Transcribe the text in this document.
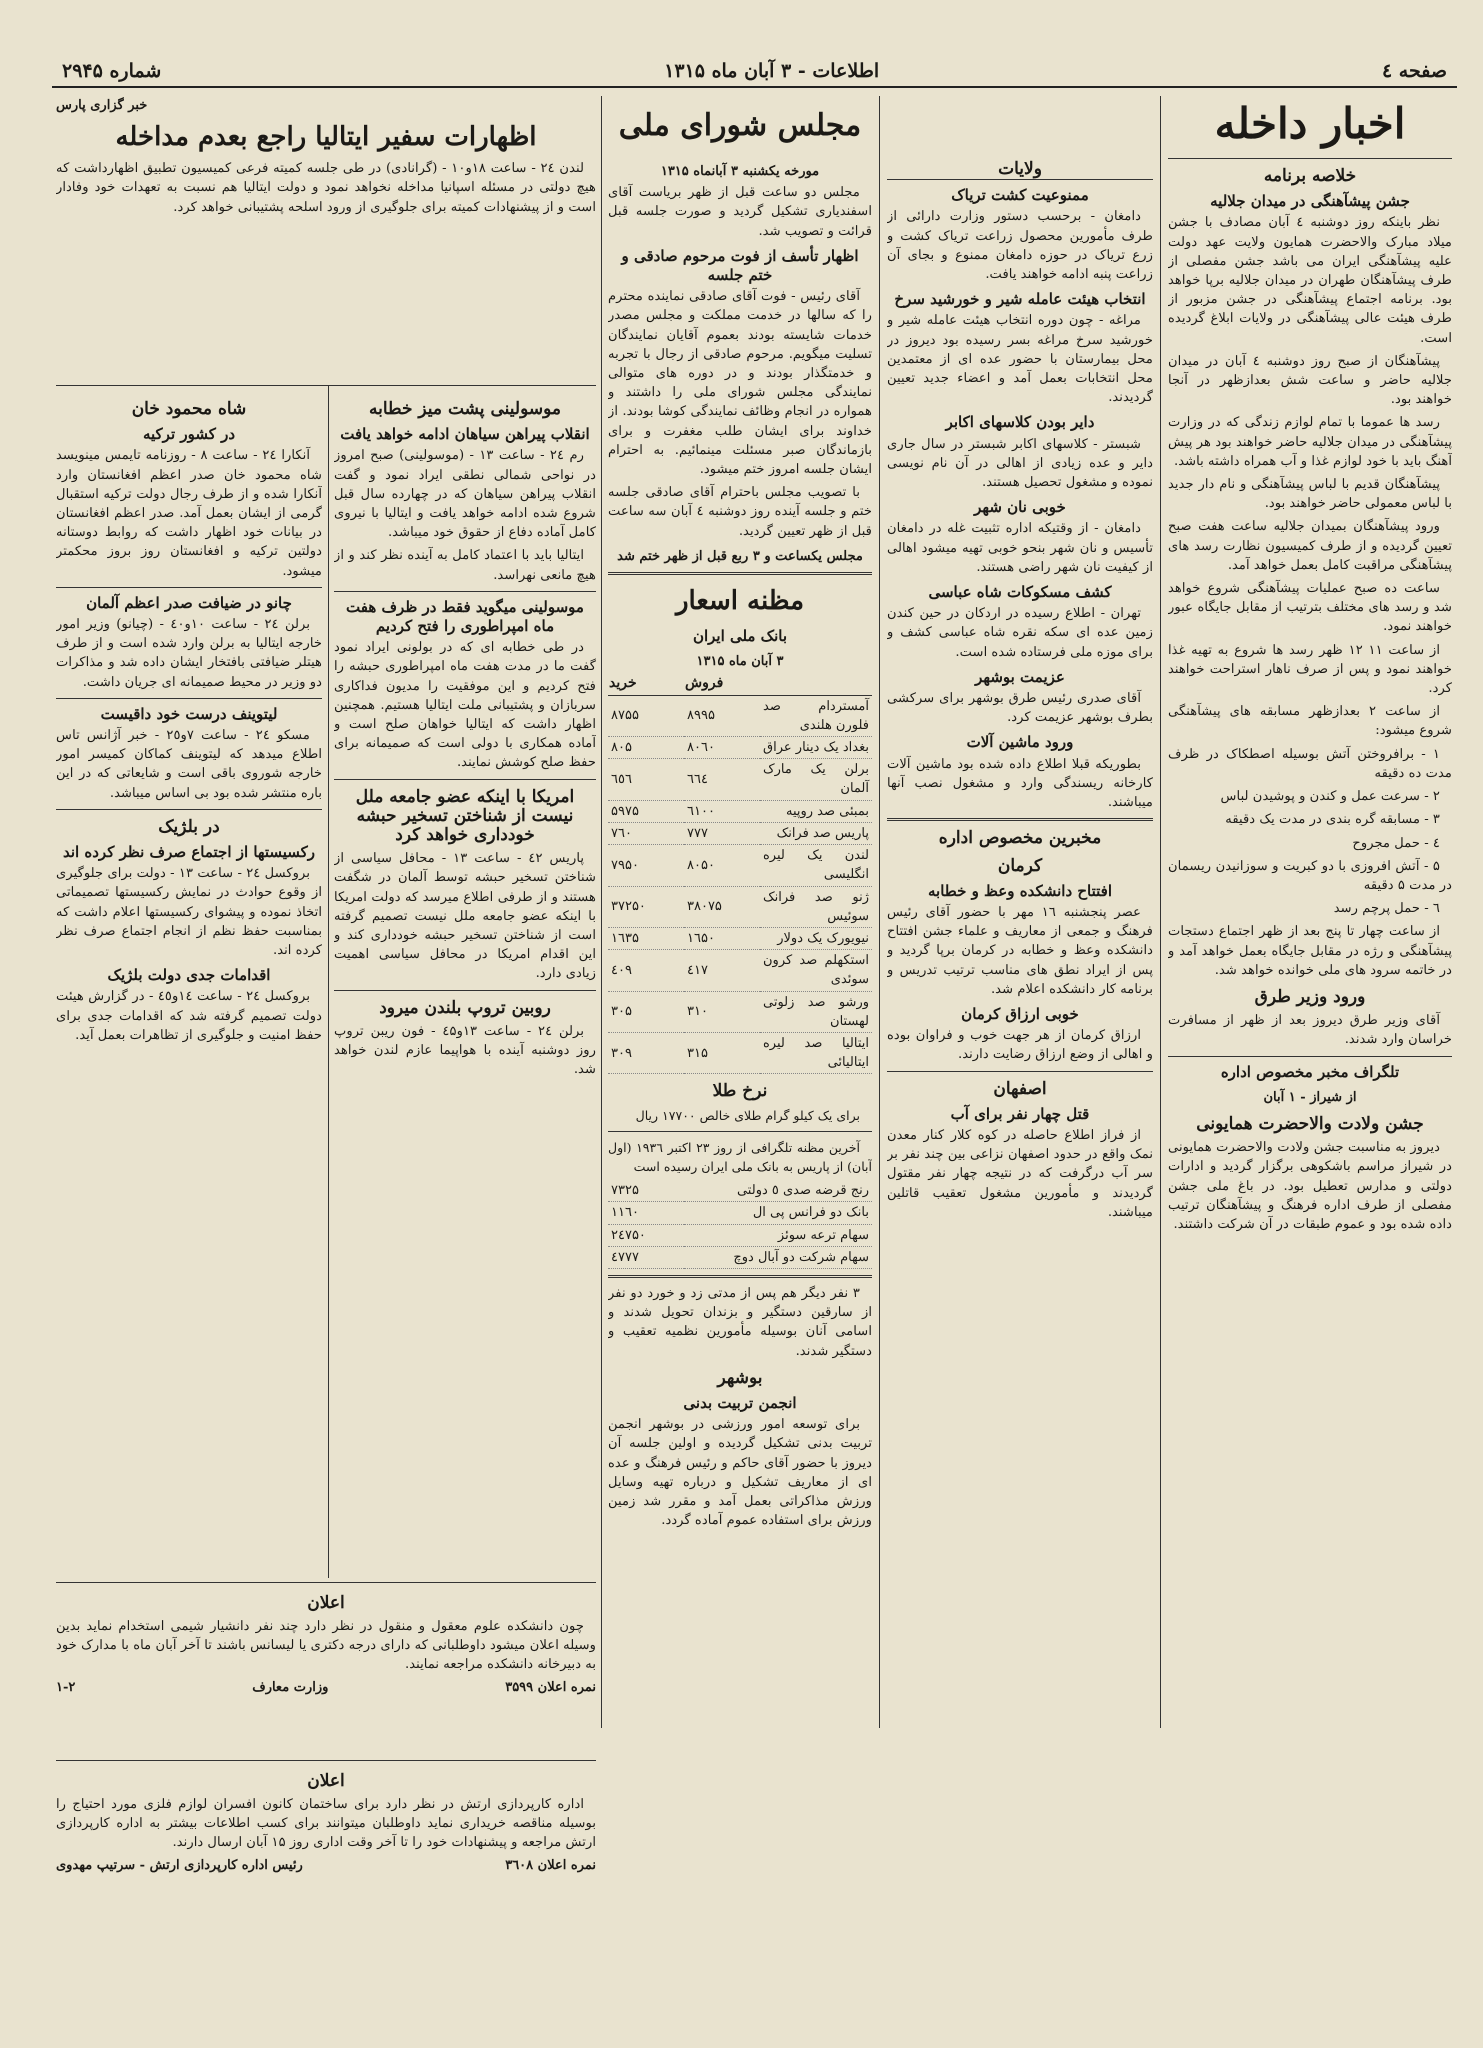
صفحه ٤
اطلاعات - ۳ آبان ماه ۱۳۱۵
شماره ۲۹۴۵
اخبار داخله
خلاصه برنامه
جشن پیشآهنگی در میدان جلالیه

نظر باینکه روز دوشنبه ٤ آبان مصادف با جشن میلاد مبارک والاحضرت همایون ولایت عهد دولت علیه پیشآهنگی ایران می باشد جشن مفصلی از طرف پیشآهنگان طهران در میدان جلالیه برپا خواهد بود. برنامه اجتماع پیشآهنگی در جشن مزبور از طرف هیئت عالی پیشآهنگی در ولایات ابلاغ گردیده است.

پیشآهنگان از صبح روز دوشنبه ٤ آبان در میدان جلالیه حاضر و ساعت شش بعدازظهر در آنجا خواهند بود.

رسد ها عموما با تمام لوازم زندگی که در وزارت پیشآهنگی در میدان جلالیه حاضر خواهند بود هر پیش آهنگ باید با خود لوازم غذا و آب همراه داشته باشد.

پیشآهنگان قدیم با لباس پیشآهنگی و نام دار جدید با لباس معمولی حاضر خواهند بود.

ورود پیشآهنگان بمیدان جلالیه ساعت هفت صبح تعیین گردیده و از طرف کمیسیون نظارت رسد های پیشآهنگی مراقبت کامل بعمل خواهد آمد.

ساعت ده صبح عملیات پیشآهنگی شروع خواهد شد و رسد های مختلف بترتیب از مقابل جایگاه عبور خواهند نمود.

از ساعت ۱۱ ۱۲ ظهر رسد ها شروع به تهیه غذا خواهند نمود و پس از صرف ناهار استراحت خواهند کرد.

از ساعت ۲ بعدازظهر مسابقه های پیشآهنگی شروع میشود:

۱ - برافروختن آتش بوسیله اصطکاک در ظرف مدت ده دقیقه

۲ - سرعت عمل و کندن و پوشیدن لباس

۳ - مسابقه گره بندی در مدت یک دقیقه

٤ - حمل مجروح

۵ - آتش افروزی با دو کبریت و سوزانیدن ریسمان در مدت ۵ دقیقه

٦ - حمل پرچم رسد

از ساعت چهار تا پنج بعد از ظهر اجتماع دستجات پیشآهنگی و رژه در مقابل جایگاه بعمل خواهد آمد و در خاتمه سرود های ملی خوانده خواهد شد.

ورود وزیر طرق

آقای وزیر طرق دیروز بعد از ظهر از مسافرت خراسان وارد شدند.

تلگراف مخبر مخصوص اداره
از شیراز - ۱ آبان
جشن ولادت والاحضرت همایونی

دیروز به مناسبت جشن ولادت والاحضرت همایونی در شیراز مراسم باشکوهی برگزار گردید و ادارات دولتی و مدارس تعطیل بود. در باغ ملی جشن مفصلی از طرف اداره فرهنگ و پیشآهنگان ترتیب داده شده بود و عموم طبقات در آن شرکت داشتند.

ولایات
ممنوعیت کشت تریاک

دامغان - برحسب دستور وزارت دارائی از طرف مأمورین محصول زراعت تریاک کشت و زرع تریاک در حوزه دامغان ممنوع و بجای آن زراعت پنبه ادامه خواهند یافت.

انتخاب هیئت عامله شیر و خورشید سرخ

مراغه - چون دوره انتخاب هیئت عامله شیر و خورشید سرخ مراغه بسر رسیده بود دیروز در محل بیمارستان با حضور عده ای از معتمدین محل انتخابات بعمل آمد و اعضاء جدید تعیین گردیدند.

دایر بودن کلاسهای اکابر

شبستر - کلاسهای اکابر شبستر در سال جاری دایر و عده زیادی از اهالی در آن نام نویسی نموده و مشغول تحصیل هستند.

خوبی نان شهر

دامغان - از وقتیکه اداره تثبیت غله در دامغان تأسیس و نان شهر بنحو خوبی تهیه میشود اهالی از کیفیت نان شهر راضی هستند.

کشف مسکوکات شاه عباسی

تهران - اطلاع رسیده در اردکان در حین کندن زمین عده ای سکه نقره شاه عباسی کشف و برای موزه ملی فرستاده شده است.

عزیمت بوشهر

آقای صدری رئیس طرق بوشهر برای سرکشی بطرف بوشهر عزیمت کرد.

ورود ماشین آلات

بطوریکه قبلا اطلاع داده شده بود ماشین آلات کارخانه ریسندگی وارد و مشغول نصب آنها میباشند.

مخبرین مخصوص اداره
کرمان
افتتاح دانشکده وعظ و خطابه

عصر پنجشنبه ۱٦ مهر با حضور آقای رئیس فرهنگ و جمعی از معاریف و علماء جشن افتتاح دانشکده وعظ و خطابه در کرمان برپا گردید و پس از ایراد نطق های مناسب ترتیب تدریس و برنامه کار دانشکده اعلام شد.

خوبی ارزاق کرمان

ارزاق کرمان از هر جهت خوب و فراوان بوده و اهالی از وضع ارزاق رضایت دارند.

اصفهان
قتل چهار نفر برای آب

از فراز اطلاع حاصله در کوه کلار کنار معدن نمک واقع در حدود اصفهان نزاعی بین چند نفر بر سر آب درگرفت که در نتیجه چهار نفر مقتول گردیدند و مأمورین مشغول تعقیب قاتلین میباشند.

مجلس شورای ملی
مورخه یکشنبه ۳ آبانماه ۱۳۱۵

مجلس دو ساعت قبل از ظهر بریاست آقای اسفندیاری تشکیل گردید و صورت جلسه قبل قرائت و تصویب شد.

اظهار تأسف از فوت مرحوم صادقی و ختم جلسه

آقای رئیس - فوت آقای صادقی نماینده محترم را که سالها در خدمت مملکت و مجلس مصدر خدمات شایسته بودند بعموم آقایان نمایندگان تسلیت میگویم. مرحوم صادقی از رجال با تجربه و خدمتگذار بودند و در دوره های متوالی نمایندگی مجلس شورای ملی را داشتند و همواره در انجام وظائف نمایندگی کوشا بودند. از خداوند برای ایشان طلب مغفرت و برای بازماندگان صبر مسئلت مینمائیم. به احترام ایشان جلسه امروز ختم میشود.

با تصویب مجلس باحترام آقای صادقی جلسه ختم و جلسه آینده روز دوشنبه ٤ آبان سه ساعت قبل از ظهر تعیین گردید.

مجلس یکساعت و ۳ ربع قبل از ظهر ختم شد
مظنه اسعار
بانک ملی ایران
۳ آبان ماه ۱۳۱۵
	فروش	خرید
آمستردام صد فلورن هلندی	۸۹۹۵	۸۷۵۵
بغداد یک دینار عراق	۸۰٦۰	۸۰۵
برلن یک مارک آلمان	٦٦٤	٦٥٦
بمبئی صد روپیه	٦۱۰۰	۵۹۷۵
پاریس صد فرانک	۷۷۷	۷٦۰
لندن یک لیره انگلیسی	۸۰۵۰	۷۹۵۰
ژنو صد فرانک سوئیس	۳۸۰۷۵	۳۷۲۵۰
نیویورک یک دولار	۱٦۵۰	۱٦۳۵
استکهلم صد کرون سوئدی	٤۱۷	٤۰۹
ورشو صد زلوتی لهستان	۳۱۰	۳۰۵
ایتالیا صد لیره ایتالیائی	۳۱۵	۳۰۹
نرخ طلا

برای یک کیلو گرام طلای خالص ۱۷۷۰۰ ریال

آخرین مظنه تلگرافی از روز ۲۳ اکتبر ۱۹۳٦ (اول آبان) از پاریس به بانک ملی ایران رسیده است

رنج قرضه صدی ٥ دولتی	۷۳۲۵
بانک دو فرانس پی ال	۱۱٦۰
سهام ترعه سوئز	۲٤۷۵۰
سهام شرکت دو آبال دوچ	٤۷۷۷

۳ نفر دیگر هم پس از مدتی زد و خورد دو نفر از سارقین دستگیر و بزندان تحویل شدند و اسامی آنان بوسیله مأمورین نظمیه تعقیب و دستگیر شدند.

بوشهر
انجمن تربیت بدنی

برای توسعه امور ورزشی در بوشهر انجمن تربیت بدنی تشکیل گردیده و اولین جلسه آن دیروز با حضور آقای حاکم و رئیس فرهنگ و عده ای از معاریف تشکیل و درباره تهیه وسایل ورزش مذاکراتی بعمل آمد و مقرر شد زمین ورزش برای استفاده عموم آماده گردد.

خبر گزاری پارس
اظهارات سفیر ایتالیا راجع بعدم مداخله

لندن ۲٤ - ساعت ۱۸و۱۰ - (گرانادی) در طی جلسه کمیته فرعی کمیسیون تطبیق اظهارداشت که هیچ دولتی در مسئله اسپانیا مداخله نخواهد نمود و دولت ایتالیا هم نسبت به تعهدات خود وفادار است و از پیشنهادات کمیته برای جلوگیری از ورود اسلحه پشتیبانی خواهد کرد.

موسولینی پشت میز خطابه
انقلاب پیراهن سیاهان ادامه خواهد یافت

رم ۲٤ - ساعت ۱۳ - (موسولینی) صبح امروز در نواحی شمالی نطقی ایراد نمود و گفت انقلاب پیراهن سیاهان که در چهارده سال قبل شروع شده ادامه خواهد یافت و ایتالیا با نیروی کامل آماده دفاع از حقوق خود میباشد.

ایتالیا باید با اعتماد کامل به آینده نظر کند و از هیچ مانعی نهراسد.

موسولینی میگوید فقط در ظرف هفت ماه امپراطوری را فتح کردیم

در طی خطابه ای که در بولونی ایراد نمود گفت ما در مدت هفت ماه امپراطوری حبشه را فتح کردیم و این موفقیت را مدیون فداکاری سربازان و پشتیبانی ملت ایتالیا هستیم. همچنین اظهار داشت که ایتالیا خواهان صلح است و آماده همکاری با دولی است که صمیمانه برای حفظ صلح کوشش نمایند.

امریکا با اینکه عضو جامعه ملل نیست از شناختن تسخیر حبشه خودداری خواهد کرد

پاریس ٤۲ - ساعت ۱۳ - محافل سیاسی از شناختن تسخیر حبشه توسط آلمان در شگفت هستند و از طرفی اطلاع میرسد که دولت امریکا با اینکه عضو جامعه ملل نیست تصمیم گرفته است از شناختن تسخیر حبشه خودداری کند و این اقدام امریکا در محافل سیاسی اهمیت زیادی دارد.

روبین تروپ بلندن میرود

برلن ۲٤ - ساعت ۱۳و٤۵ - فون ریبن تروپ روز دوشنبه آینده با هواپیما عازم لندن خواهد شد.

شاه محمود خان
در کشور ترکیه

آنکارا ۲٤ - ساعت ۸ - روزنامه تایمس مینویسد شاه محمود خان صدر اعظم افغانستان وارد آنکارا شده و از طرف رجال دولت ترکیه استقبال گرمی از ایشان بعمل آمد. صدر اعظم افغانستان در بیانات خود اظهار داشت که روابط دوستانه دولتین ترکیه و افغانستان روز بروز محکمتر میشود.

چانو در ضیافت صدر اعظم آلمان

برلن ۲٤ - ساعت ۱۰و٤۰ - (چیانو) وزیر امور خارجه ایتالیا به برلن وارد شده است و از طرف هیتلر ضیافتی بافتخار ایشان داده شد و مذاکرات دو وزیر در محیط صمیمانه ای جریان داشت.

لیتوینف درست خود داقیست

مسکو ۲٤ - ساعت ۷و۲٥ - خبر آژانس تاس اطلاع میدهد که لیتوینف کماکان کمیسر امور خارجه شوروی باقی است و شایعاتی که در این باره منتشر شده بود بی اساس میباشد.

در بلژیک
رکسیستها از اجتماع صرف نظر کرده اند

بروکسل ۲٤ - ساعت ۱۳ - دولت برای جلوگیری از وقوع حوادث در نمایش رکسیستها تصمیماتی اتخاذ نموده و پیشوای رکسیستها اعلام داشت که بمناسبت حفظ نظم از انجام اجتماع صرف نظر کرده اند.

اقدامات جدی دولت بلژیک

بروکسل ۲٤ - ساعت ۱٤و٤٥ - در گزارش هیئت دولت تصمیم گرفته شد که اقدامات جدی برای حفظ امنیت و جلوگیری از تظاهرات بعمل آید.

اعلان

چون دانشکده علوم معقول و منقول در نظر دارد چند نفر دانشیار شیمی استخدام نماید بدین وسیله اعلان میشود داوطلبانی که دارای درجه دکتری یا لیسانس باشند تا آخر آبان ماه با مدارک خود به دبیرخانه دانشکده مراجعه نمایند.

نمره اعلان ۳۵۹۹
وزارت معارف
۱-۲
اعلان

اداره کارپردازی ارتش در نظر دارد برای ساختمان کانون افسران لوازم فلزی مورد احتیاج را بوسیله مناقصه خریداری نماید داوطلبان میتوانند برای کسب اطلاعات بیشتر به اداره کارپردازی ارتش مراجعه و پیشنهادات خود را تا آخر وقت اداری روز ۱۵ آبان ارسال دارند.

نمره اعلان ۳٦۰۸
رئیس اداره کارپردازی ارتش - سرتیپ مهدوی
